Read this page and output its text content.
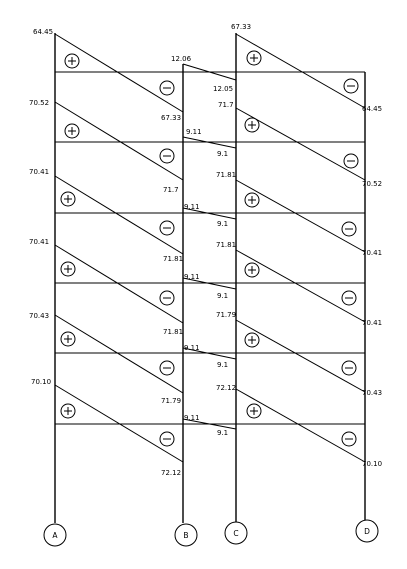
64.45
70.52
70.41
70.41
70.43
70.10
67.33
71.7
71.81
71.81
71.79
72.12
12.06
12.05
9.11
9.1
9.11
9.1
9.11
9.1
9.11
9.1
9.11
9.1
67.33
71.7
71.81
71.81
71.79
72.12
64.45
70.52
70.41
70.41
70.43
70.10
A	B	C	D
